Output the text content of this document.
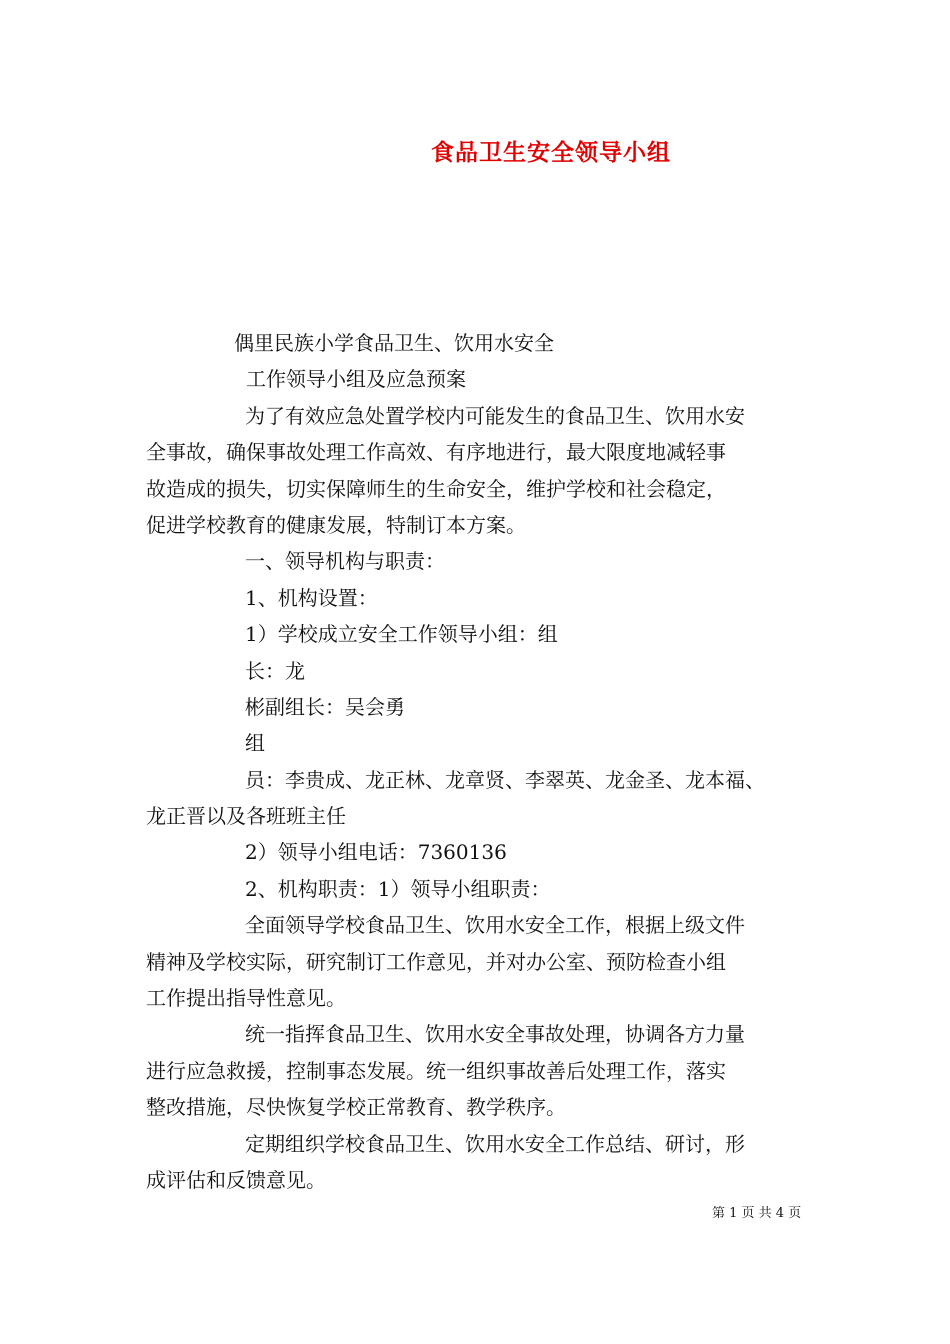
食品卫生安全领导小组
偶里民族小学食品卫生、饮用水安全
工作领导小组及应急预案
为了有效应急处置学校内可能发生的食品卫生、饮用水安
全事故，确保事故处理工作高效、有序地进行，最大限度地减轻事
故造成的损失，切实保障师生的生命安全，维护学校和社会稳定，
促进学校教育的健康发展，特制订本方案。
一、领导机构与职责：
1、机构设置：
1）学校成立安全工作领导小组：组
长：龙
彬副组长：吴会勇
组
员：李贵成、龙正林、龙章贤、李翠英、龙金圣、龙本福、
龙正晋以及各班班主任
2）领导小组电话：7360136
2、机构职责：1）领导小组职责：
全面领导学校食品卫生、饮用水安全工作，根据上级文件
精神及学校实际，研究制订工作意见，并对办公室、预防检查小组
工作提出指导性意见。
统一指挥食品卫生、饮用水安全事故处理，协调各方力量
进行应急救援，控制事态发展。统一组织事故善后处理工作，落实
整改措施，尽快恢复学校正常教育、教学秩序。
定期组织学校食品卫生、饮用水安全工作总结、研讨，形
成评估和反馈意见。
第 1 页 共 4 页
